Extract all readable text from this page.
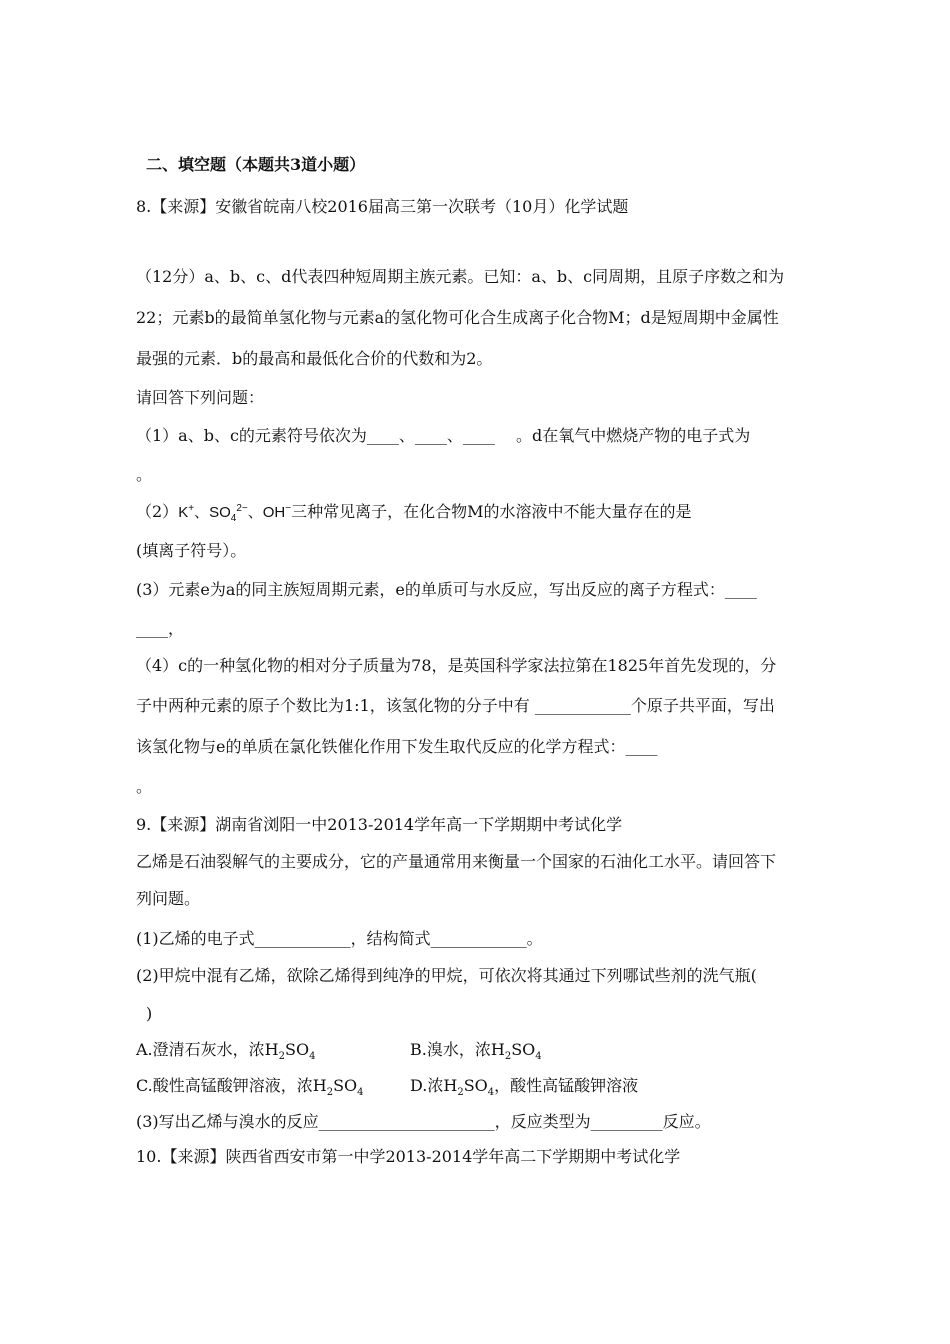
二、填空题（本题共3道小题）
8.【来源】安徽省皖南八校2016届高三第一次联考（10月）化学试题
（12分）a、b、c、d代表四种短周期主族元素。已知：a、b、c同周期，且原子序数之和为
22；元素b的最简单氢化物与元素a的氢化物可化合生成离子化合物M；d是短周期中金属性
最强的元素．b的最高和最低化合价的代数和为2。
请回答下列问题：
（1）a、b、c的元素符号依次为____、____、____　 。d在氧气中燃烧产物的电子式为
。
（2）K+、$SO_4^{2-}$、OH−三种常见离子，在化合物M的水溶液中不能大量存在的是
(填离子符号）。
(3）元素e为a的同主族短周期元素，e的单质可与水反应，写出反应的离子方程式：____
____，
（4）c的一种氢化物的相对分子质量为78，是英国科学家法拉第在1825年首先发现的，分
子中两种元素的原子个数比为1:1，该氢化物的分子中有 ____________个原子共平面，写出
该氢化物与e的单质在氯化铁催化作用下发生取代反应的化学方程式：____
。
9.【来源】湖南省浏阳一中2013-2014学年高一下学期期中考试化学
乙烯是石油裂解气的主要成分，它的产量通常用来衡量一个国家的石油化工水平。请回答下
列问题。
(1)乙烯的电子式____________，结构简式____________。
(2)甲烷中混有乙烯，欲除乙烯得到纯净的甲烷，可依次将其通过下列哪试些剂的洗气瓶(
)
A.澄清石灰水，浓$H_2SO_4$	B.溴水，浓$H_2SO_4$
C.酸性高锰酸钾溶液，浓$H_2SO_4$	D.浓$H_2SO_4$，酸性高锰酸钾溶液
(3)写出乙烯与溴水的反应______________________，反应类型为_________反应。
10.【来源】陕西省西安市第一中学2013-2014学年高二下学期期中考试化学
